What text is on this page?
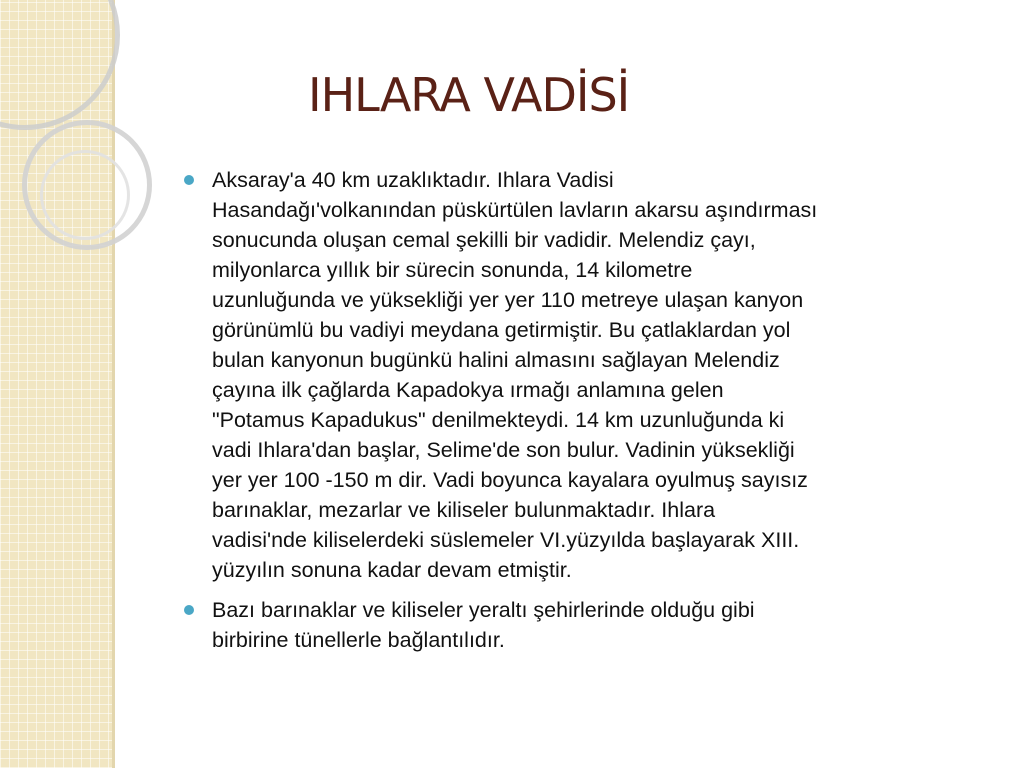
IHLARA VADİSİ
Aksaray'a 40 km uzaklıktadır. Ihlara Vadisi
Hasandağı'volkanından püskürtülen lavların akarsu aşındırması
sonucunda oluşan cemal şekilli bir vadidir. Melendiz çayı,
milyonlarca yıllık bir sürecin sonunda, 14 kilometre
uzunluğunda ve yüksekliği yer yer 110 metreye ulaşan kanyon
görünümlü bu vadiyi meydana getirmiştir. Bu çatlaklardan yol
bulan kanyonun bugünkü halini almasını sağlayan Melendiz
çayına ilk çağlarda Kapadokya ırmağı anlamına gelen
"Potamus Kapadukus" denilmekteydi. 14 km uzunluğunda ki
vadi Ihlara'dan başlar, Selime'de son bulur. Vadinin yüksekliği
yer yer 100 -150 m dir. Vadi boyunca kayalara oyulmuş sayısız
barınaklar, mezarlar ve kiliseler bulunmaktadır. Ihlara
vadisi'nde kiliselerdeki süslemeler VI.yüzyılda başlayarak XIII.
yüzyılın sonuna kadar devam etmiştir.
Bazı barınaklar ve kiliseler yeraltı şehirlerinde olduğu gibi
birbirine tünellerle bağlantılıdır.
